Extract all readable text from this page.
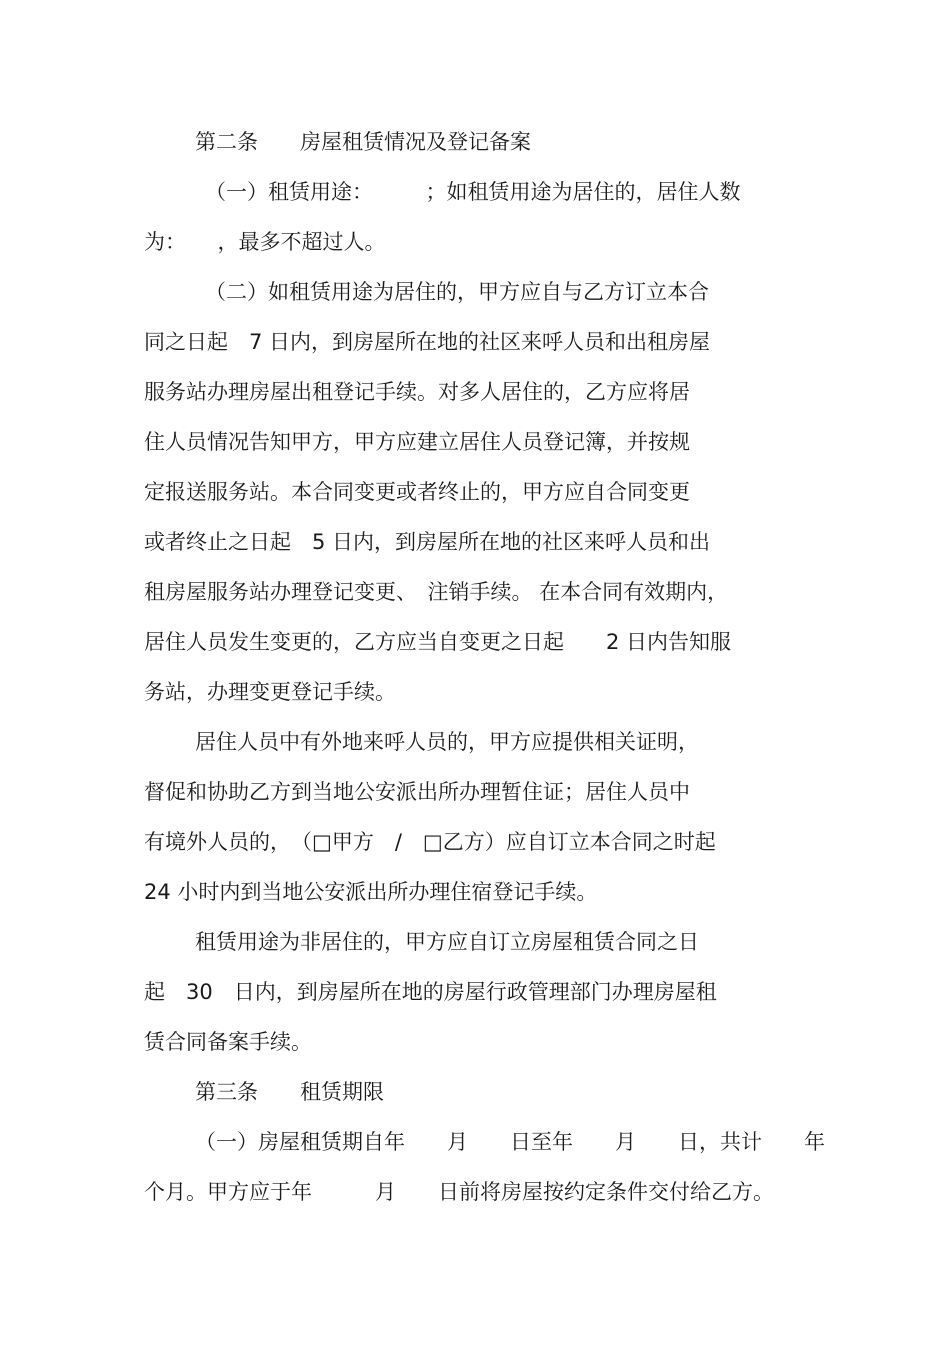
第二条　　房屋租赁情况及登记备案
（一）租赁用途：　　　；如租赁用途为居住的，居住人数
为：　　，最多不超过人。
（二）如租赁用途为居住的，甲方应自与乙方订立本合
同之日起　7 日内，到房屋所在地的社区来呼人员和出租房屋
服务站办理房屋出租登记手续。对多人居住的，乙方应将居
住人员情况告知甲方，甲方应建立居住人员登记簿，并按规
定报送服务站。本合同变更或者终止的，甲方应自合同变更
或者终止之日起　5 日内，到房屋所在地的社区来呼人员和出
租房屋服务站办理登记变更、　注销手续。 在本合同有效期内，
居住人员发生变更的，乙方应当自变更之日起　　2 日内告知服
务站，办理变更登记手续。
居住人员中有外地来呼人员的，甲方应提供相关证明，
督促和协助乙方到当地公安派出所办理暂住证；居住人员中
有境外人员的，　（□甲方　/　□乙方）应自订立本合同之时起
24 小时内到当地公安派出所办理住宿登记手续。
租赁用途为非居住的，甲方应自订立房屋租赁合同之日
起　30　日内，到房屋所在地的房屋行政管理部门办理房屋租
赁合同备案手续。
第三条　　租赁期限
（一）房屋租赁期自年　　月　　日至年　　月　　日，共计　　年
个月。甲方应于年　　　月　　日前将房屋按约定条件交付给乙方。
